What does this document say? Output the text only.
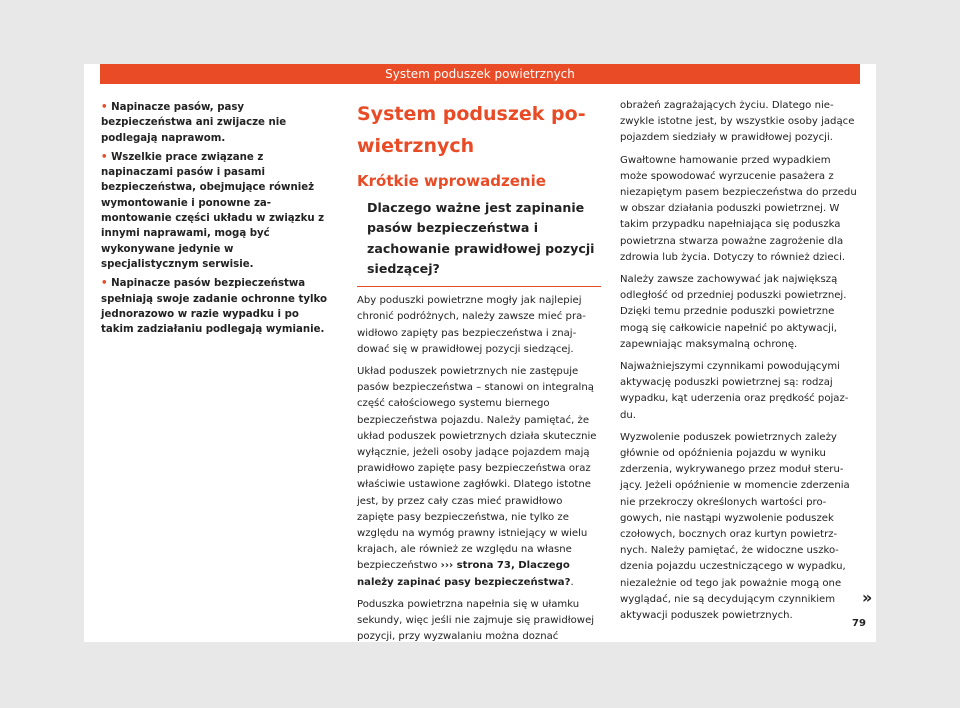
System poduszek powietrznych
• Napinacze pasów, pasy bezpieczeństwa ani zwijacze nie podlegają naprawom.
• Wszelkie prace związane z napinaczami pasów i pasami bezpieczeństwa, obejmujące również wymontowanie i ponowne zamontowanie części układu w związku z innymi naprawami, mogą być wykonywane jedynie w specjalistycznym serwisie.
• Napinacze pasów bezpieczeństwa spełniają swoje zadanie ochronne tylko jednorazowo w razie wypadku i po takim zadziałaniu podlegają wymianie.
System poduszek powietrznych
Krótkie wprowadzenie
Dlaczego ważne jest zapinanie pasów bezpieczeństwa i zachowanie prawidłowej pozycji siedzącej?

Aby poduszki powietrzne mogły jak najlepiej chronić podróżnych, należy zawsze mieć prawidłowo zapięty pas bezpieczeństwa i znajdować się w prawidłowej pozycji siedzącej.

Układ poduszek powietrznych nie zastępuje pasów bezpieczeństwa – stanowi on integralną część całościowego systemu biernego bezpieczeństwa pojazdu. Należy pamiętać, że układ poduszek powietrznych działa skutecznie wyłącznie, jeżeli osoby jadące pojazdem mają prawidłowo zapięte pasy bezpieczeństwa oraz właściwie ustawione zagłówki. Dlatego istotne jest, by przez cały czas mieć prawidłowo zapięte pasy bezpieczeństwa, nie tylko ze względu na wymóg prawny istniejący w wielu krajach, ale również ze względu na własne bezpieczeństwo ››› strona 73, Dlaczego należy zapinać pasy bezpieczeństwa?.

Poduszka powietrzna napełnia się w ułamku sekundy, więc jeśli nie zajmuje się prawidłowej pozycji, przy wyzwalaniu można doznać

obrażeń zagrażających życiu. Dlatego niezwykle istotne jest, by wszystkie osoby jadące pojazdem siedziały w prawidłowej pozycji.

Gwałtowne hamowanie przed wypadkiem może spowodować wyrzucenie pasażera z niezapiętym pasem bezpieczeństwa do przedu w obszar działania poduszki powietrznej. W takim przypadku napełniająca się poduszka powietrzna stwarza poważne zagrożenie dla zdrowia lub życia. Dotyczy to również dzieci.

Należy zawsze zachowywać jak największą odległość od przedniej poduszki powietrznej. Dzięki temu przednie poduszki powietrzne mogą się całkowicie napełnić po aktywacji, zapewniając maksymalną ochronę.

Najważniejszymi czynnikami powodującymi aktywację poduszki powietrznej są: rodzaj wypadku, kąt uderzenia oraz prędkość pojazdu.

Wyzwolenie poduszek powietrznych zależy głównie od opóźnienia pojazdu w wyniku zderzenia, wykrywanego przez moduł sterujący. Jeżeli opóźnienie w momencie zderzenia nie przekroczy określonych wartości progowych, nie nastąpi wyzwolenie poduszek czołowych, bocznych oraz kurtyn powietrznych. Należy pamiętać, że widoczne uszkodzenia pojazdu uczestniczącego w wypadku, niezależnie od tego jak poważnie mogą one wyglądać, nie są decydującym czynnikiem aktywacji poduszek powietrznych.

»
79
